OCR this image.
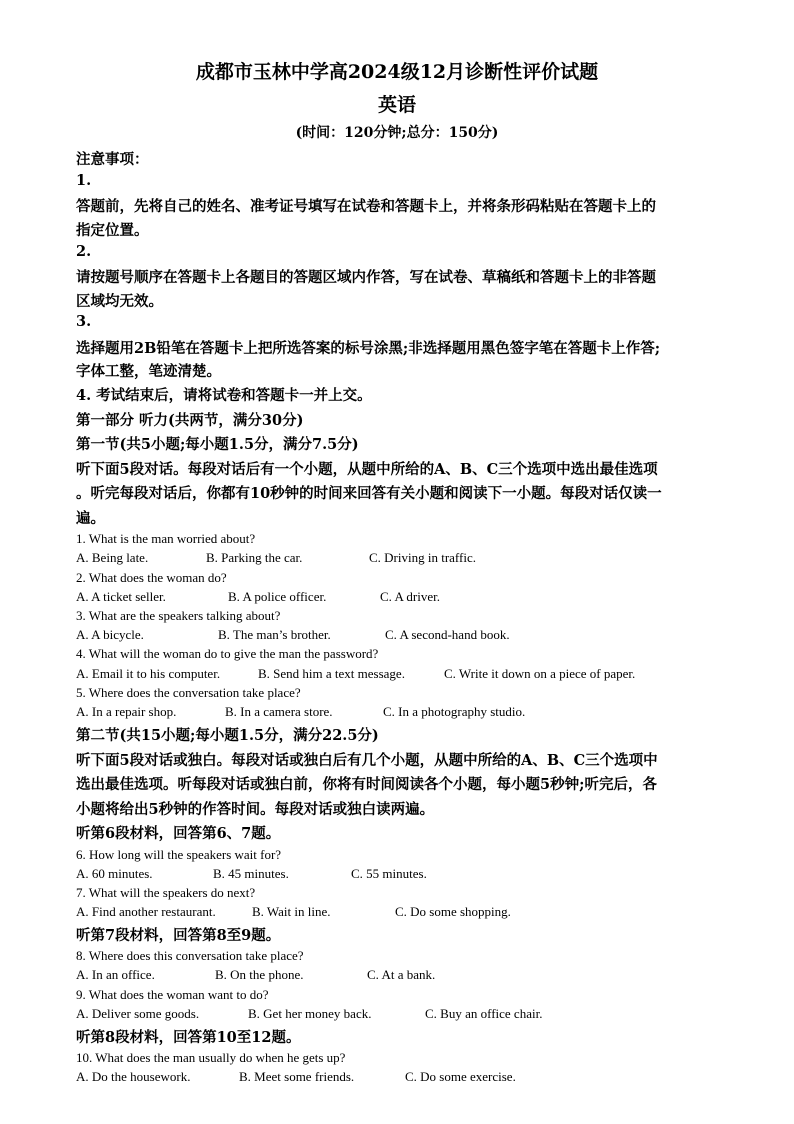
成都市玉林中学高2024级12月诊断性评价试题
英语
(时间：120分钟;总分：150分)
注意事项：
1.
答题前，先将自己的姓名、准考证号填写在试卷和答题卡上，并将条形码粘贴在答题卡上的
指定位置。
2.
请按题号顺序在答题卡上各题目的答题区域内作答，写在试卷、草稿纸和答题卡上的非答题
区域均无效。
3.
选择题用2B铅笔在答题卡上把所选答案的标号涂黑;非选择题用黑色签字笔在答题卡上作答;
字体工整，笔迹清楚。
4. 考试结束后，请将试卷和答题卡一并上交。
第一部分 听力(共两节，满分30分)
第一节(共5小题;每小题1.5分，满分7.5分)
听下面5段对话。每段对话后有一个小题，从题中所给的A、B、C三个选项中选出最佳选项
。听完每段对话后，你都有10秒钟的时间来回答有关小题和阅读下一小题。每段对话仅读一
遍。
1. What is the man worried about?
A. Being late.	B. Parking the car.	C. Driving in traffic.
2. What does the woman do?
A. A ticket seller.	B. A police officer.	C. A driver.
3. What are the speakers talking about?
A. A bicycle.	B. The man’s brother.	C. A second-hand book.
4. What will the woman do to give the man the password?
A. Email it to his computer.	B. Send him a text message.	C. Write it down on a piece of paper.
5. Where does the conversation take place?
A. In a repair shop.	B. In a camera store.	C. In a photography studio.
第二节(共15小题;每小题1.5分，满分22.5分)
听下面5段对话或独白。每段对话或独白后有几个小题，从题中所给的A、B、C三个选项中
选出最佳选项。听每段对话或独白前，你将有时间阅读各个小题，每小题5秒钟;听完后，各
小题将给出5秒钟的作答时间。每段对话或独白读两遍。
听第6段材料，回答第6、7题。
6. How long will the speakers wait for?
A. 60 minutes.	B. 45 minutes.	C. 55 minutes.
7. What will the speakers do next?
A. Find another restaurant.	B. Wait in line.	C. Do some shopping.
听第7段材料，回答第8至9题。
8. Where does this conversation take place?
A. In an office.	B. On the phone.	C. At a bank.
9. What does the woman want to do?
A. Deliver some goods.	B. Get her money back.	C. Buy an office chair.
听第8段材料，回答第10至12题。
10. What does the man usually do when he gets up?
A. Do the housework.	B. Meet some friends.	C. Do some exercise.
